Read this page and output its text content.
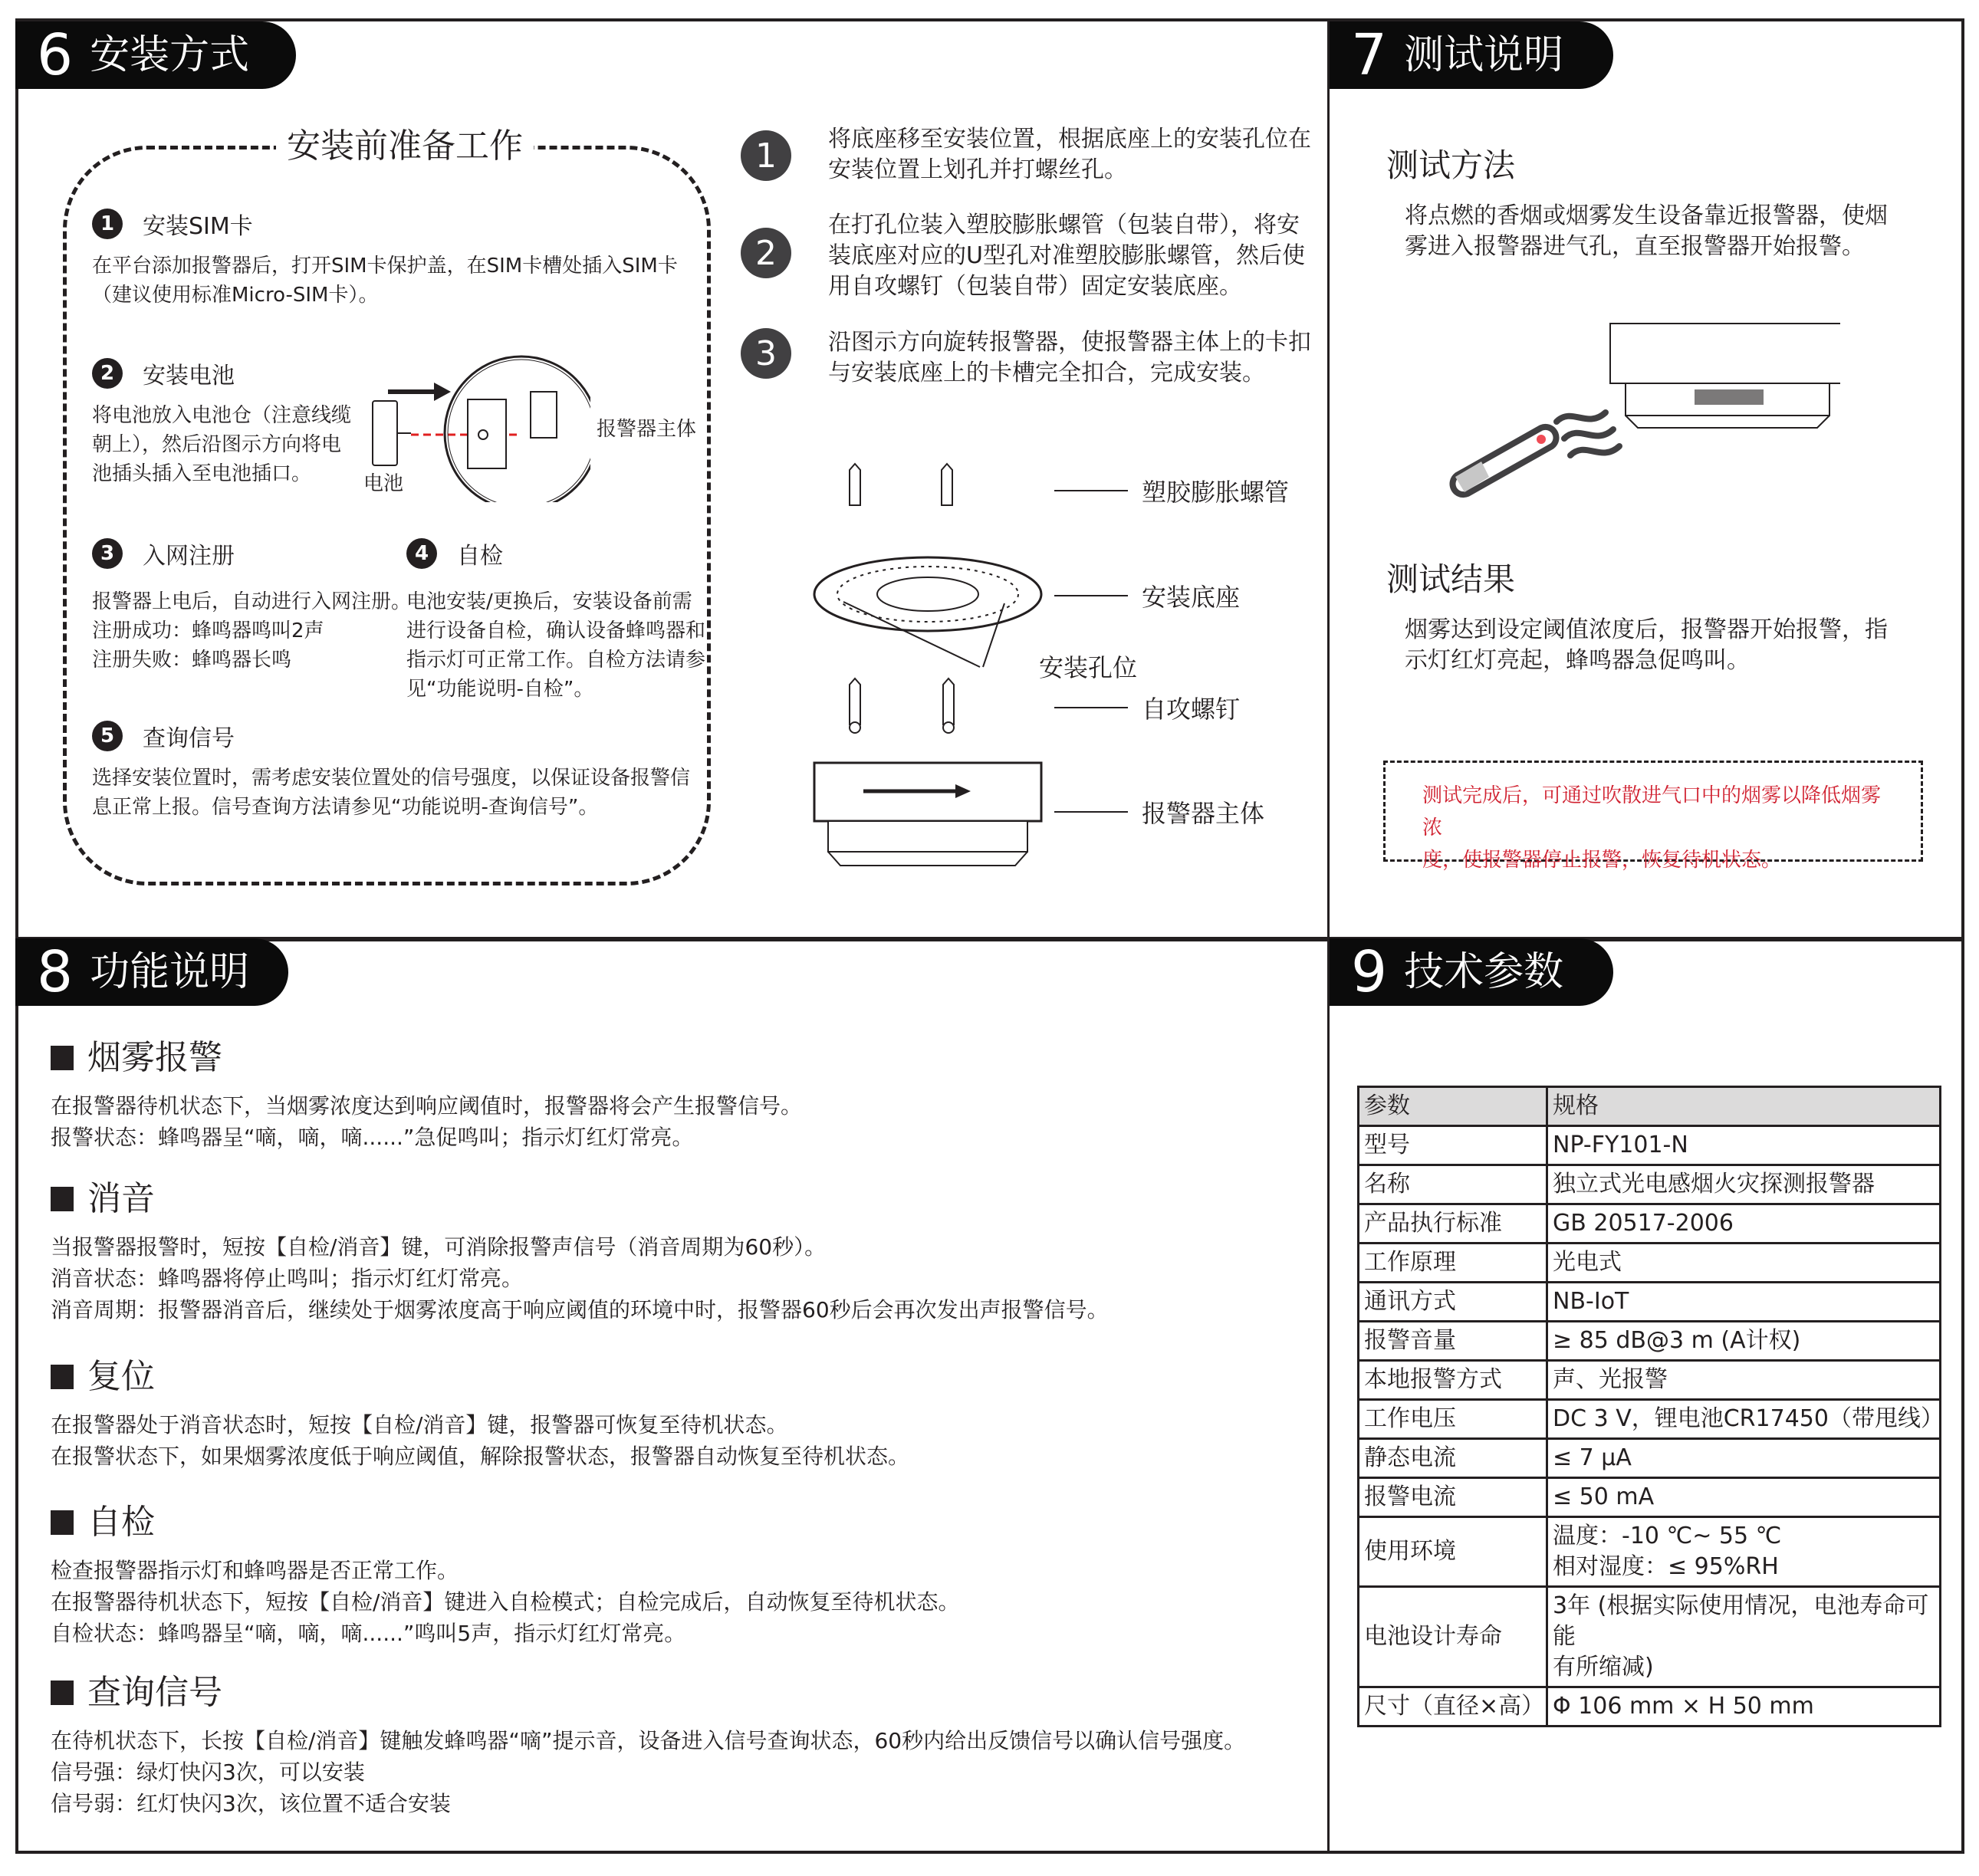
6 安装方式
安装前准备工作
1	安装SIM卡
在平台添加报警器后，打开SIM卡保护盖，在SIM卡槽处插入SIM卡
（建议使用标准Micro-SIM卡）。
2	安装电池
将电池放入电池仓（注意线缆
朝上），然后沿图示方向将电
池插头插入至电池插口。	电池
报警器主体
3	入网注册
报警器上电后，自动进行入网注册。
注册成功：蜂鸣器鸣叫2声
注册失败：蜂鸣器长鸣
4	自检
电池安装/更换后，安装设备前需
进行设备自检，确认设备蜂鸣器和
指示灯可正常工作。自检方法请参
见“功能说明-自检”。
5	查询信号
选择安装位置时，需考虑安装位置处的信号强度，以保证设备报警信
息正常上报。信号查询方法请参见“功能说明-查询信号”。
1	将底座移至安装位置，根据底座上的安装孔位在
安装位置上划孔并打螺丝孔。
2
在打孔位装入塑胶膨胀螺管（包装自带），将安
装底座对应的U型孔对准塑胶膨胀螺管，然后使
用自攻螺钉（包装自带）固定安装底座。
3	沿图示方向旋转报警器，使报警器主体上的卡扣
与安装底座上的卡槽完全扣合，完成安装。
塑胶膨胀螺管
安装底座
安装孔位
自攻螺钉
报警器主体
7 测试说明
测试方法
将点燃的香烟或烟雾发生设备靠近报警器，使烟
雾进入报警器进气孔，直至报警器开始报警。
测试结果
烟雾达到设定阈值浓度后，报警器开始报警，指
示灯红灯亮起，蜂鸣器急促鸣叫。
测试完成后，可通过吹散进气口中的烟雾以降低烟雾浓
度，使报警器停止报警，恢复待机状态。
8 功能说明
烟雾报警
在报警器待机状态下，当烟雾浓度达到响应阈值时，报警器将会产生报警信号。
报警状态：蜂鸣器呈“嘀，嘀，嘀......”急促鸣叫；指示灯红灯常亮。
消音
当报警器报警时，短按【自检/消音】键，可消除报警声信号（消音周期为60秒）。
消音状态：蜂鸣器将停止鸣叫；指示灯红灯常亮。
消音周期：报警器消音后，继续处于烟雾浓度高于响应阈值的环境中时，报警器60秒后会再次发出声报警信号。
复位
在报警器处于消音状态时，短按【自检/消音】键，报警器可恢复至待机状态。
在报警状态下，如果烟雾浓度低于响应阈值，解除报警状态，报警器自动恢复至待机状态。
自检
检查报警器指示灯和蜂鸣器是否正常工作。
在报警器待机状态下，短按【自检/消音】键进入自检模式；自检完成后，自动恢复至待机状态。
自检状态：蜂鸣器呈“嘀，嘀，嘀......”鸣叫5声，指示灯红灯常亮。
查询信号
在待机状态下，长按【自检/消音】键触发蜂鸣器“嘀”提示音，设备进入信号查询状态，60秒内给出反馈信号以确认信号强度。
信号强：绿灯快闪3次，可以安装
信号弱：红灯快闪3次，该位置不适合安装
9 技术参数
参数	规格
型号	NP-FY101-N

名称	独立式光电感烟火灾探测报警器

产品执行标准	GB 20517-2006

工作原理	光电式

通讯方式	NB-IoT

报警音量	≥ 85 dB@3 m (A计权)

本地报警方式	声、光报警

工作电压	DC 3 V，锂电池CR17450（带甩线）

静态电流	≤ 7 μA

报警电流	≤ 50 mA

使用环境	温度：-10 ℃~ 55 ℃
相对湿度：≤ 95%RH

电池设计寿命	3年 (根据实际使用情况，电池寿命可能
有所缩减)

尺寸（直径×高）	Φ 106 mm × H 50 mm
